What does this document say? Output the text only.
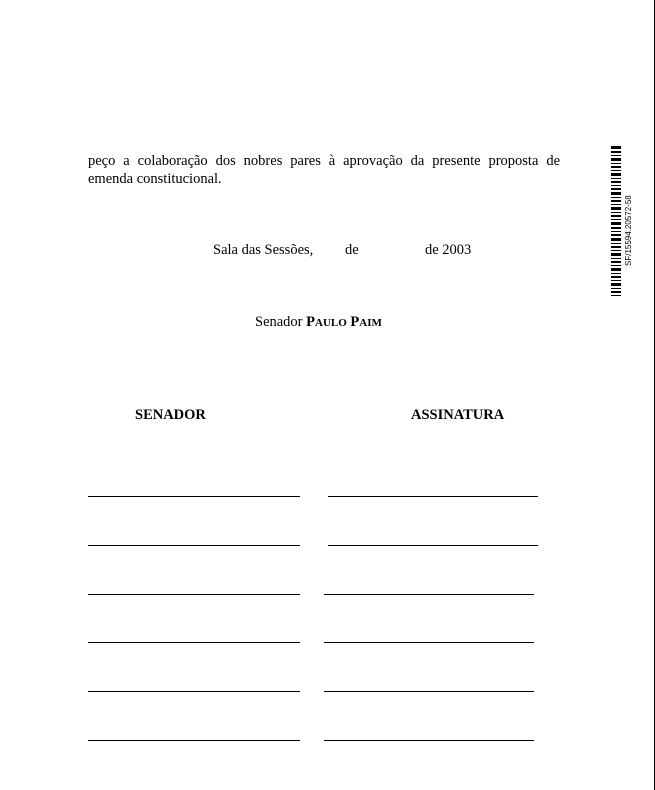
peço a colaboração dos nobres pares à aprovação da presente proposta de emenda constitucional.

Sala das Sessões, de	de 2003
Senador PAULO PAIM
SENADOR	ASSINATURA
SF/15594.20572-58
